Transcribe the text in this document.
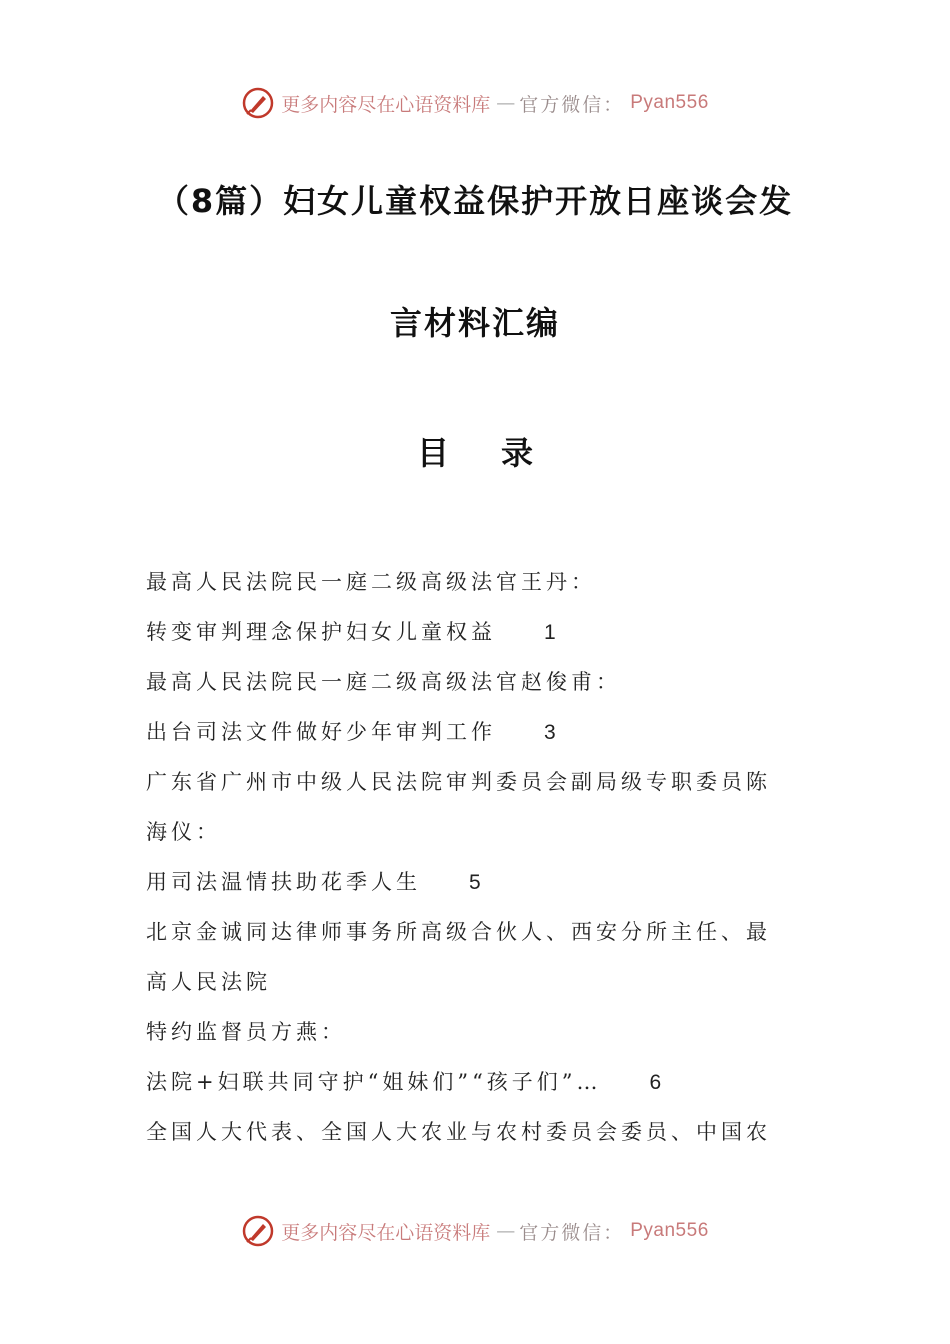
更多内容尽在心语资料库 — 官方微信： Pyan556
（8篇）妇女儿童权益保护开放日座谈会发
言材料汇编
目 录
最高人民法院民一庭二级高级法官王丹：
转变审判理念保护妇女儿童权益 1
最高人民法院民一庭二级高级法官赵俊甫：
出台司法文件做好少年审判工作 3
广东省广州市中级人民法院审判委员会副局级专职委员陈
海仪：
用司法温情扶助花季人生 5
北京金诚同达律师事务所高级合伙人、西安分所主任、最
高人民法院
特约监督员方燕：
法院+妇联共同守护“姐妹们”“孩子们”… 6
全国人大代表、全国人大农业与农村委员会委员、中国农
更多内容尽在心语资料库 — 官方微信： Pyan556
